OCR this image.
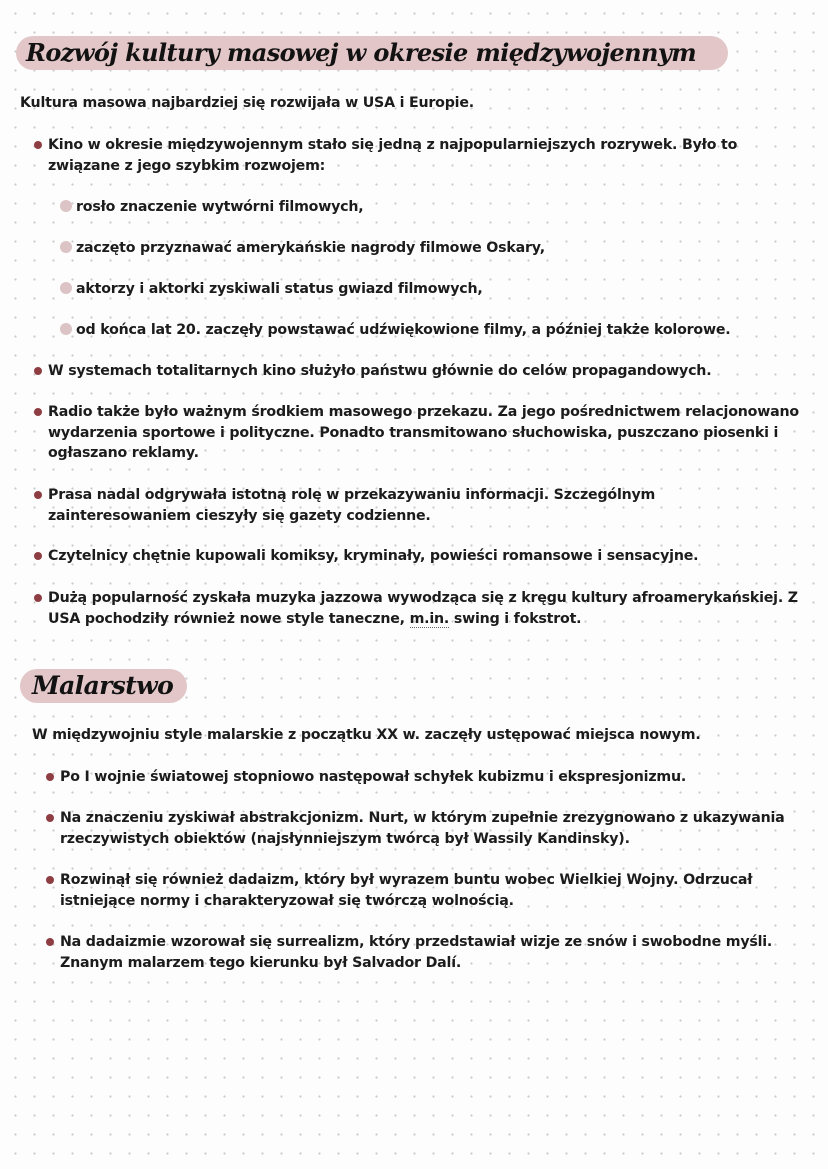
Rozwój kultury masowej w okresie międzywojennym
Kultura masowa najbardziej się rozwijała w USA i Europie.
Kino w okresie międzywojennym stało się jedną z najpopularniejszych rozrywek. Było to związane z jego szybkim rozwojem:
rosło znaczenie wytwórni filmowych,
zaczęto przyznawać amerykańskie nagrody filmowe Oskary,
aktorzy i aktorki zyskiwali status gwiazd filmowych,
od końca lat 20. zaczęły powstawać udźwiękowione filmy, a później także kolorowe.
W systemach totalitarnych kino służyło państwu głównie do celów propagandowych.
Radio także było ważnym środkiem masowego przekazu. Za jego pośrednictwem relacjonowano wydarzenia sportowe i polityczne. Ponadto transmitowano słuchowiska, puszczano piosenki i ogłaszano reklamy.
Prasa nadal odgrywała istotną rolę w przekazywaniu informacji. Szczególnym zainteresowaniem cieszyły się gazety codzienne.
Czytelnicy chętnie kupowali komiksy, kryminały, powieści romansowe i sensacyjne.
Dużą popularność zyskała muzyka jazzowa wywodząca się z kręgu kultury afroamerykańskiej. Z USA pochodziły również nowe style taneczne, m.in. swing i fokstrot.
Malarstwo
W międzywojniu style malarskie z początku XX w. zaczęły ustępować miejsca nowym.
Po I wojnie światowej stopniowo następował schyłek kubizmu i ekspresjonizmu.
Na znaczeniu zyskiwał abstrakcjonizm. Nurt, w którym zupełnie zrezygnowano z ukazywania rzeczywistych obiektów (najsłynniejszym twórcą był Wassily Kandinsky).
Rozwinął się również dadaizm, który był wyrazem buntu wobec Wielkiej Wojny. Odrzucał istniejące normy i charakteryzował się twórczą wolnością.
Na dadaizmie wzorował się surrealizm, który przedstawiał wizje ze snów i swobodne myśli. Znanym malarzem tego kierunku był Salvador Dalí.
